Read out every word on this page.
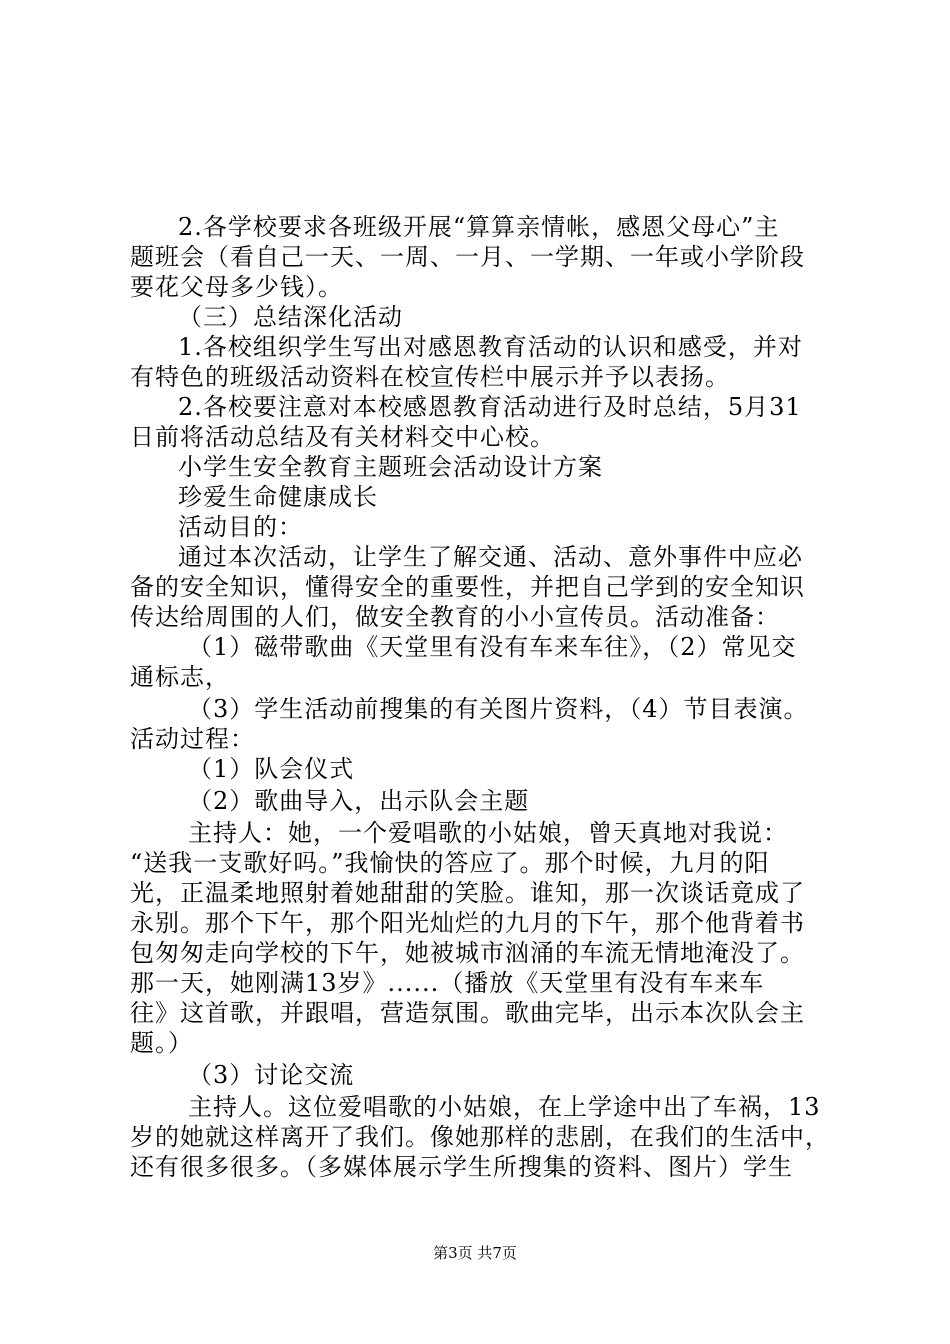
2.各学校要求各班级开展“算算亲情帐，感恩父母心”主
题班会（看自己一天、一周、一月、一学期、一年或小学阶段
要花父母多少钱）。
（三）总结深化活动
1.各校组织学生写出对感恩教育活动的认识和感受，并对
有特色的班级活动资料在校宣传栏中展示并予以表扬。
2.各校要注意对本校感恩教育活动进行及时总结，5月31
日前将活动总结及有关材料交中心校。
小学生安全教育主题班会活动设计方案
珍爱生命健康成长
活动目的：
通过本次活动，让学生了解交通、活动、意外事件中应必
备的安全知识，懂得安全的重要性，并把自己学到的安全知识
传达给周围的人们，做安全教育的小小宣传员。活动准备：
（1）磁带歌曲《天堂里有没有车来车往》，（2）常见交
通标志，
（3）学生活动前搜集的有关图片资料，（4）节目表演。
活动过程：
（1）队会仪式
（2）歌曲导入，出示队会主题
主持人：她，一个爱唱歌的小姑娘，曾天真地对我说：
“送我一支歌好吗。”我愉快的答应了。那个时候，九月的阳
光，正温柔地照射着她甜甜的笑脸。谁知，那一次谈话竟成了
永别。那个下午，那个阳光灿烂的九月的下午，那个他背着书
包匆匆走向学校的下午，她被城市汹涌的车流无情地淹没了。
那一天，她刚满13岁》......（播放《天堂里有没有车来车
往》这首歌，并跟唱，营造氛围。歌曲完毕，出示本次队会主
题。）
（3）讨论交流
主持人。这位爱唱歌的小姑娘，在上学途中出了车祸，13
岁的她就这样离开了我们。像她那样的悲剧，在我们的生活中，
还有很多很多。（多媒体展示学生所搜集的资料、图片）学生
第3页 共7页
